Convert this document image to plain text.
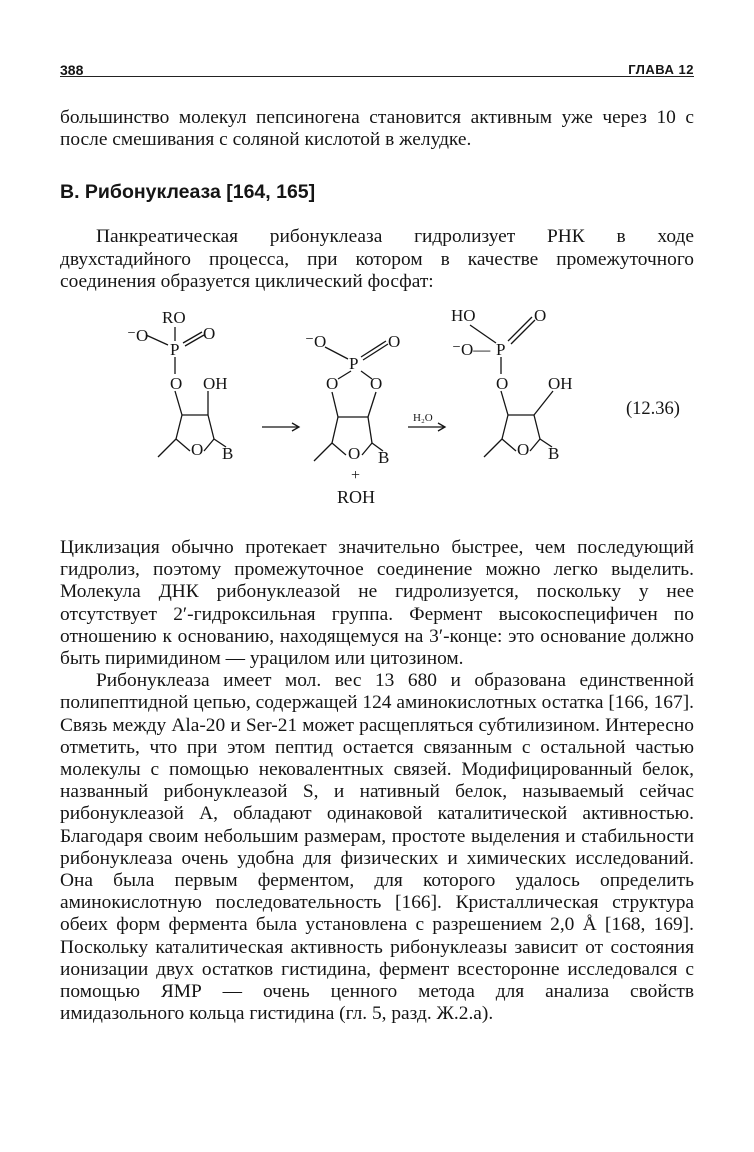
388	ГЛАВА 12

большинство молекул пепсиногена становится активным уже через 10 с после смешивания с соляной кислотой в желудке.

В. Рибонуклеаза [164, 165]

Панкреатическая рибонуклеаза гидролизует РНК в ходе двухстадийного процесса, при котором в качестве промежуточного соединения образуется циклический фосфат:

RO
⁻O
P
O
O OH
O B
⁻O	O
P
O O
O B
+
ROH
H₂O
HO	O
⁻O— P
O OH
O B
(12.36)

Циклизация обычно протекает значительно быстрее, чем последующий гидролиз, поэтому промежуточное соединение можно легко выделить. Молекула ДНК рибонуклеазой не гидролизуется, поскольку у нее отсутствует 2′-гидроксильная группа. Фермент высокоспецифичен по отношению к основанию, находящемуся на 3′-конце: это основание должно быть пиримидином — урацилом или цитозином.

Рибонуклеаза имеет мол. вес 13 680 и образована единственной полипептидной цепью, содержащей 124 аминокислотных остатка [166, 167]. Связь между Ala-20 и Ser-21 может расщепляться субтилизином. Интересно отметить, что при этом пептид остается связанным с остальной частью молекулы с помощью нековалентных связей. Модифицированный белок, названный рибонуклеазой S, и нативный белок, называемый сейчас рибонуклеазой А, обладают одинаковой каталитической активностью. Благодаря своим небольшим размерам, простоте выделения и стабильности рибонуклеаза очень удобна для физических и химических исследований. Она была первым ферментом, для которого удалось определить аминокислотную последовательность [166]. Кристаллическая структура обеих форм фермента была установлена с разрешением 2,0 Å [168, 169]. Поскольку каталитическая активность рибонуклеазы зависит от состояния ионизации двух остатков гистидина, фермент всесторонне исследовался с помощью ЯМР — очень ценного метода для анализа свойств имидазольного кольца гистидина (гл. 5, разд. Ж.2.а).
